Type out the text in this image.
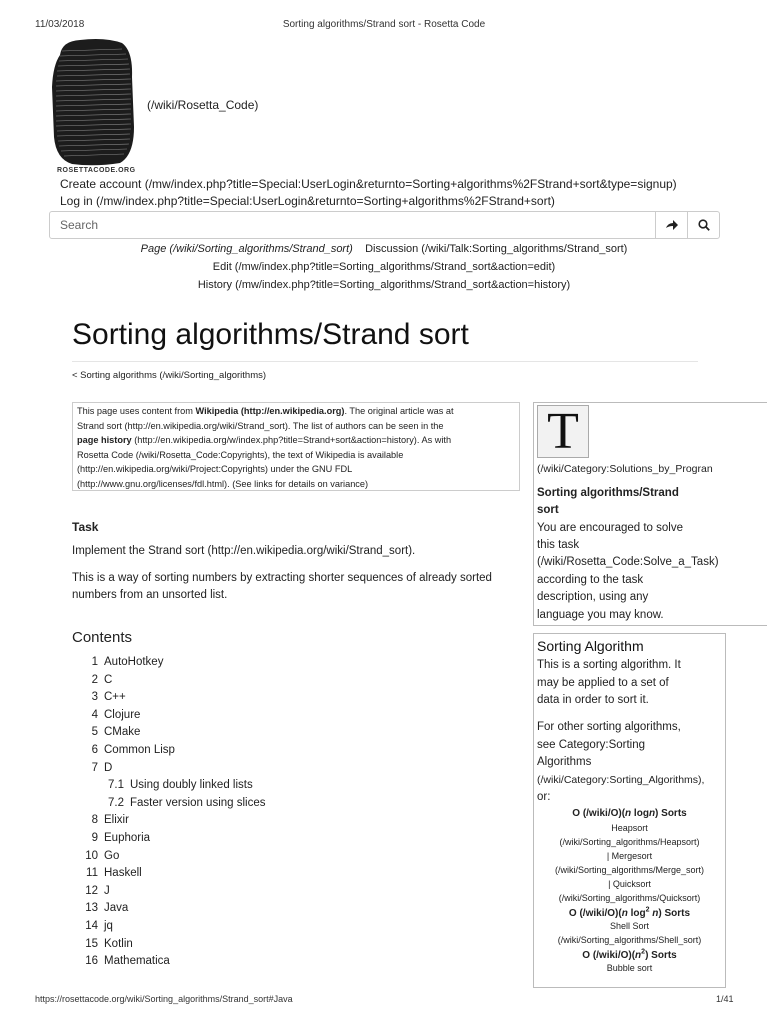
11/03/2018	Sorting algorithms/Strand sort - Rosetta Code
ROSETTACODE.ORG
(/wiki/Rosetta_Code)
Create account (/mw/index.php?title=Special:UserLogin&returnto=Sorting+algorithms%2FStrand+sort&type=signup)
Log in (/mw/index.php?title=Special:UserLogin&returnto=Sorting+algorithms%2FStrand+sort)
Search
Page (/wiki/Sorting_algorithms/Strand_sort) Discussion (/wiki/Talk:Sorting_algorithms/Strand_sort)
Edit (/mw/index.php?title=Sorting_algorithms/Strand_sort&action=edit)
History (/mw/index.php?title=Sorting_algorithms/Strand_sort&action=history)
Sorting algorithms/Strand sort
< Sorting algorithms (/wiki/Sorting_algorithms)
This page uses content from Wikipedia (http://en.wikipedia.org). The original article was at
Strand sort (http://en.wikipedia.org/wiki/Strand_sort). The list of authors can be seen in the
page history (http://en.wikipedia.org/w/index.php?title=Strand+sort&action=history). As with
Rosetta Code (/wiki/Rosetta_Code:Copyrights), the text of Wikipedia is available
(http://en.wikipedia.org/wiki/Project:Copyrights) under the GNU FDL
(http://www.gnu.org/licenses/fdl.html). (See links for details on variance)
Task
Implement the Strand sort (http://en.wikipedia.org/wiki/Strand_sort).
This is a way of sorting numbers by extracting shorter sequences of already sorted
numbers from an unsorted list.
Contents
1 AutoHotkey
2 C
3 C++
4 Clojure
5 CMake
6 Common Lisp
7 D
7.1 Using doubly linked lists
7.2 Faster version using slices
8 Elixir
9 Euphoria
10 Go
11 Haskell
12 J
13 Java
14 jq
15 Kotlin
16 Mathematica
T
(/wiki/Category:Solutions_by_Progran
Sorting algorithms/Strand
sort
You are encouraged to solve
this task
(/wiki/Rosetta_Code:Solve_a_Task)
according to the task
description, using any
language you may know.
Sorting Algorithm
This is a sorting algorithm. It
may be applied to a set of
data in order to sort it.
For other sorting algorithms,
see Category:Sorting
Algorithms
(/wiki/Category:Sorting_Algorithms),
or:
O (/wiki/O)(n logn) Sorts
Heapsort
(/wiki/Sorting_algorithms/Heapsort)
| Mergesort
(/wiki/Sorting_algorithms/Merge_sort)
| Quicksort
(/wiki/Sorting_algorithms/Quicksort)
O (/wiki/O)(n $\log^2 n$) Sorts
Shell Sort
(/wiki/Sorting_algorithms/Shell_sort)
O $(/wiki/O)(n^2)$ Sorts
Bubble sort
https://rosettacode.org/wiki/Sorting_algorithms/Strand_sort#Java	1/41
